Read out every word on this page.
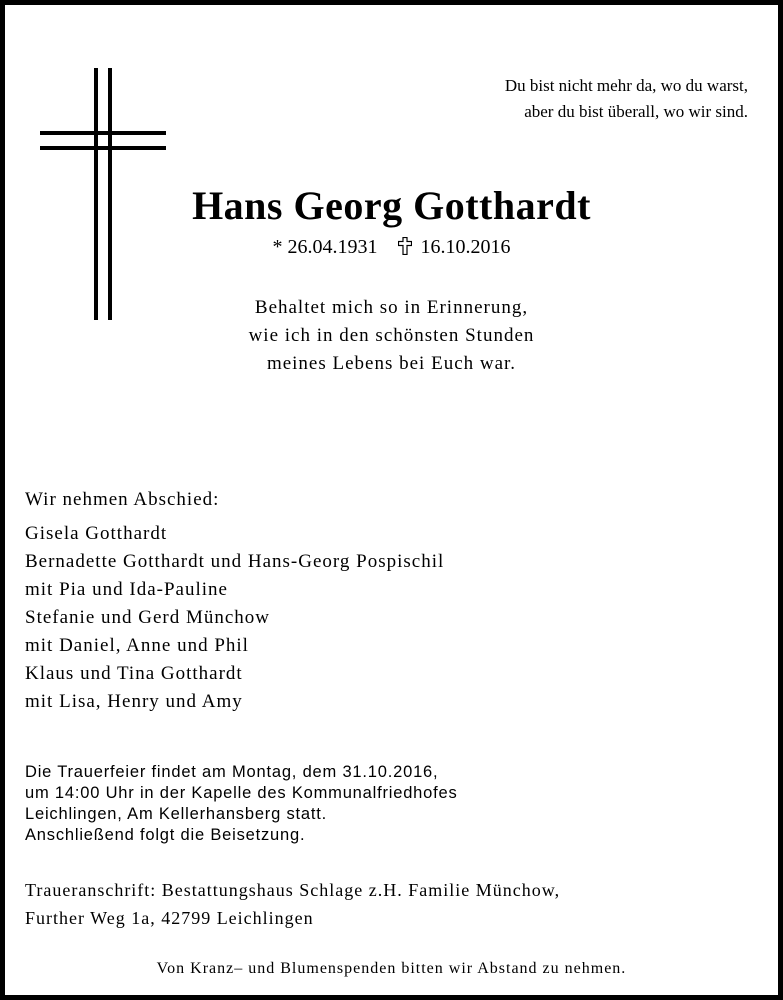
Du bist nicht mehr da, wo du warst,
aber du bist überall, wo wir sind.
Hans Georg Gotthardt
* 26.04.1931 16.10.2016
Behaltet mich so in Erinnerung,
wie ich in den schönsten Stunden
meines Lebens bei Euch war.
Wir nehmen Abschied:
Gisela Gotthardt
Bernadette Gotthardt und Hans-Georg Pospischil
mit Pia und Ida-Pauline
Stefanie und Gerd Münchow
mit Daniel, Anne und Phil
Klaus und Tina Gotthardt
mit Lisa, Henry und Amy
Die Trauerfeier findet am Montag, dem 31.10.2016,
um 14:00 Uhr in der Kapelle des Kommunalfriedhofes
Leichlingen, Am Kellerhansberg statt.
Anschließend folgt die Beisetzung.
Traueranschrift: Bestattungshaus Schlage z.H. Familie Münchow,
Further Weg 1a, 42799 Leichlingen
Von Kranz– und Blumenspenden bitten wir Abstand zu nehmen.
